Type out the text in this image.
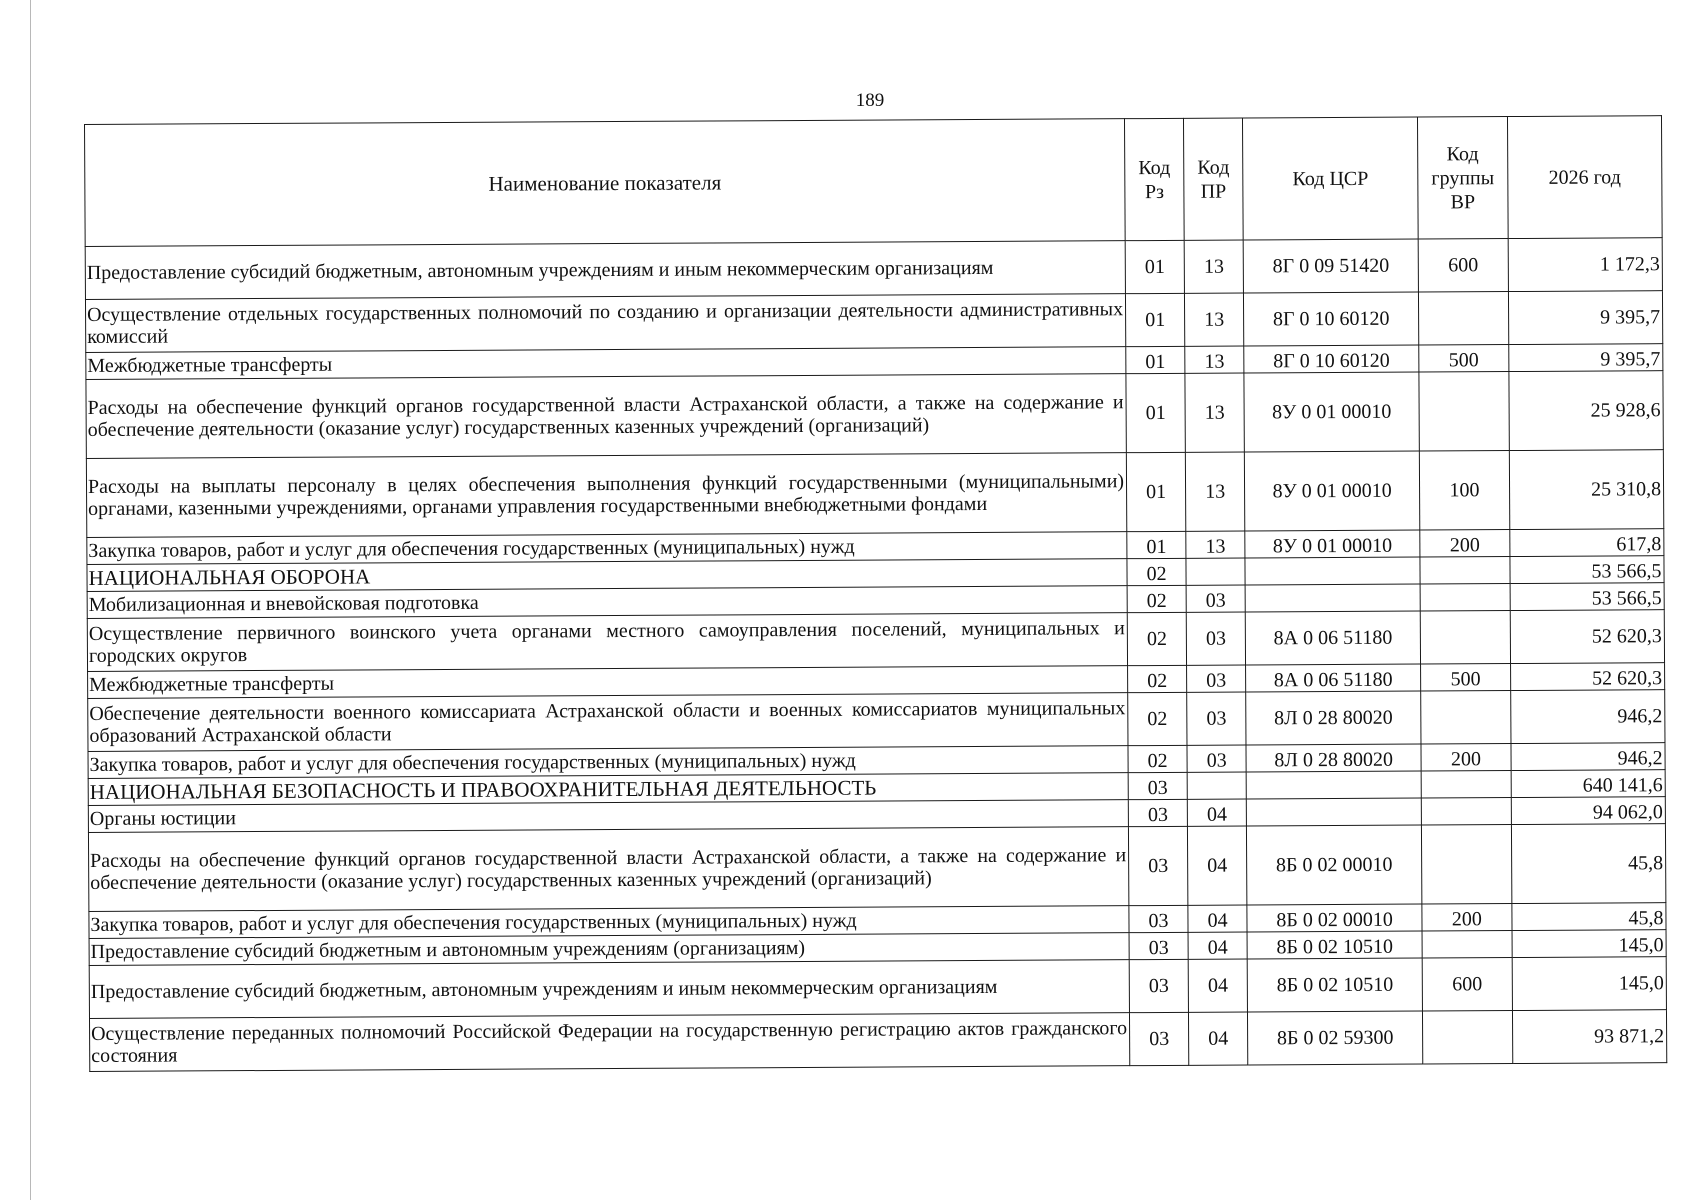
189
Наименование показателя	Код Рз	Код ПР	Код ЦСР	Код группы ВР	2026 год
Предоставление субсидий бюджетным, автономным учреждениям и иным некоммерческим организациям	01	13	8Г 0 09 51420	600	1 172,3
Осуществление отдельных государственных полномочий по созданию и организации деятельности административных комиссий	01	13	8Г 0 10 60120		9 395,7
Межбюджетные трансферты	01	13	8Г 0 10 60120	500	9 395,7
Расходы на обеспечение функций органов государственной власти Астраханской области, а также на содержание и обеспечение деятельности (оказание услуг) государственных казенных учреждений (организаций)	01	13	8У 0 01 00010		25 928,6
Расходы на выплаты персоналу в целях обеспечения выполнения функций государственными (муниципальными) органами, казенными учреждениями, органами управления государственными внебюджетными фондами	01	13	8У 0 01 00010	100	25 310,8
Закупка товаров, работ и услуг для обеспечения государственных (муниципальных) нужд	01	13	8У 0 01 00010	200	617,8
НАЦИОНАЛЬНАЯ ОБОРОНА	02				53 566,5
Мобилизационная и вневойсковая подготовка	02	03			53 566,5
Осуществление первичного воинского учета органами местного самоуправления поселений, муниципальных и городских округов	02	03	8А 0 06 51180		52 620,3
Межбюджетные трансферты	02	03	8А 0 06 51180	500	52 620,3
Обеспечение деятельности военного комиссариата Астраханской области и военных комиссариатов муниципальных образований Астраханской области	02	03	8Л 0 28 80020		946,2
Закупка товаров, работ и услуг для обеспечения государственных (муниципальных) нужд	02	03	8Л 0 28 80020	200	946,2
НАЦИОНАЛЬНАЯ БЕЗОПАСНОСТЬ И ПРАВООХРАНИТЕЛЬНАЯ ДЕЯТЕЛЬНОСТЬ	03				640 141,6
Органы юстиции	03	04			94 062,0
Расходы на обеспечение функций органов государственной власти Астраханской области, а также на содержание и обеспечение деятельности (оказание услуг) государственных казенных учреждений (организаций)	03	04	8Б 0 02 00010		45,8
Закупка товаров, работ и услуг для обеспечения государственных (муниципальных) нужд	03	04	8Б 0 02 00010	200	45,8
Предоставление субсидий бюджетным и автономным учреждениям (организациям)	03	04	8Б 0 02 10510		145,0
Предоставление субсидий бюджетным, автономным учреждениям и иным некоммерческим организациям	03	04	8Б 0 02 10510	600	145,0
Осуществление переданных полномочий Российской Федерации на государственную регистрацию актов гражданского состояния	03	04	8Б 0 02 59300		93 871,2
